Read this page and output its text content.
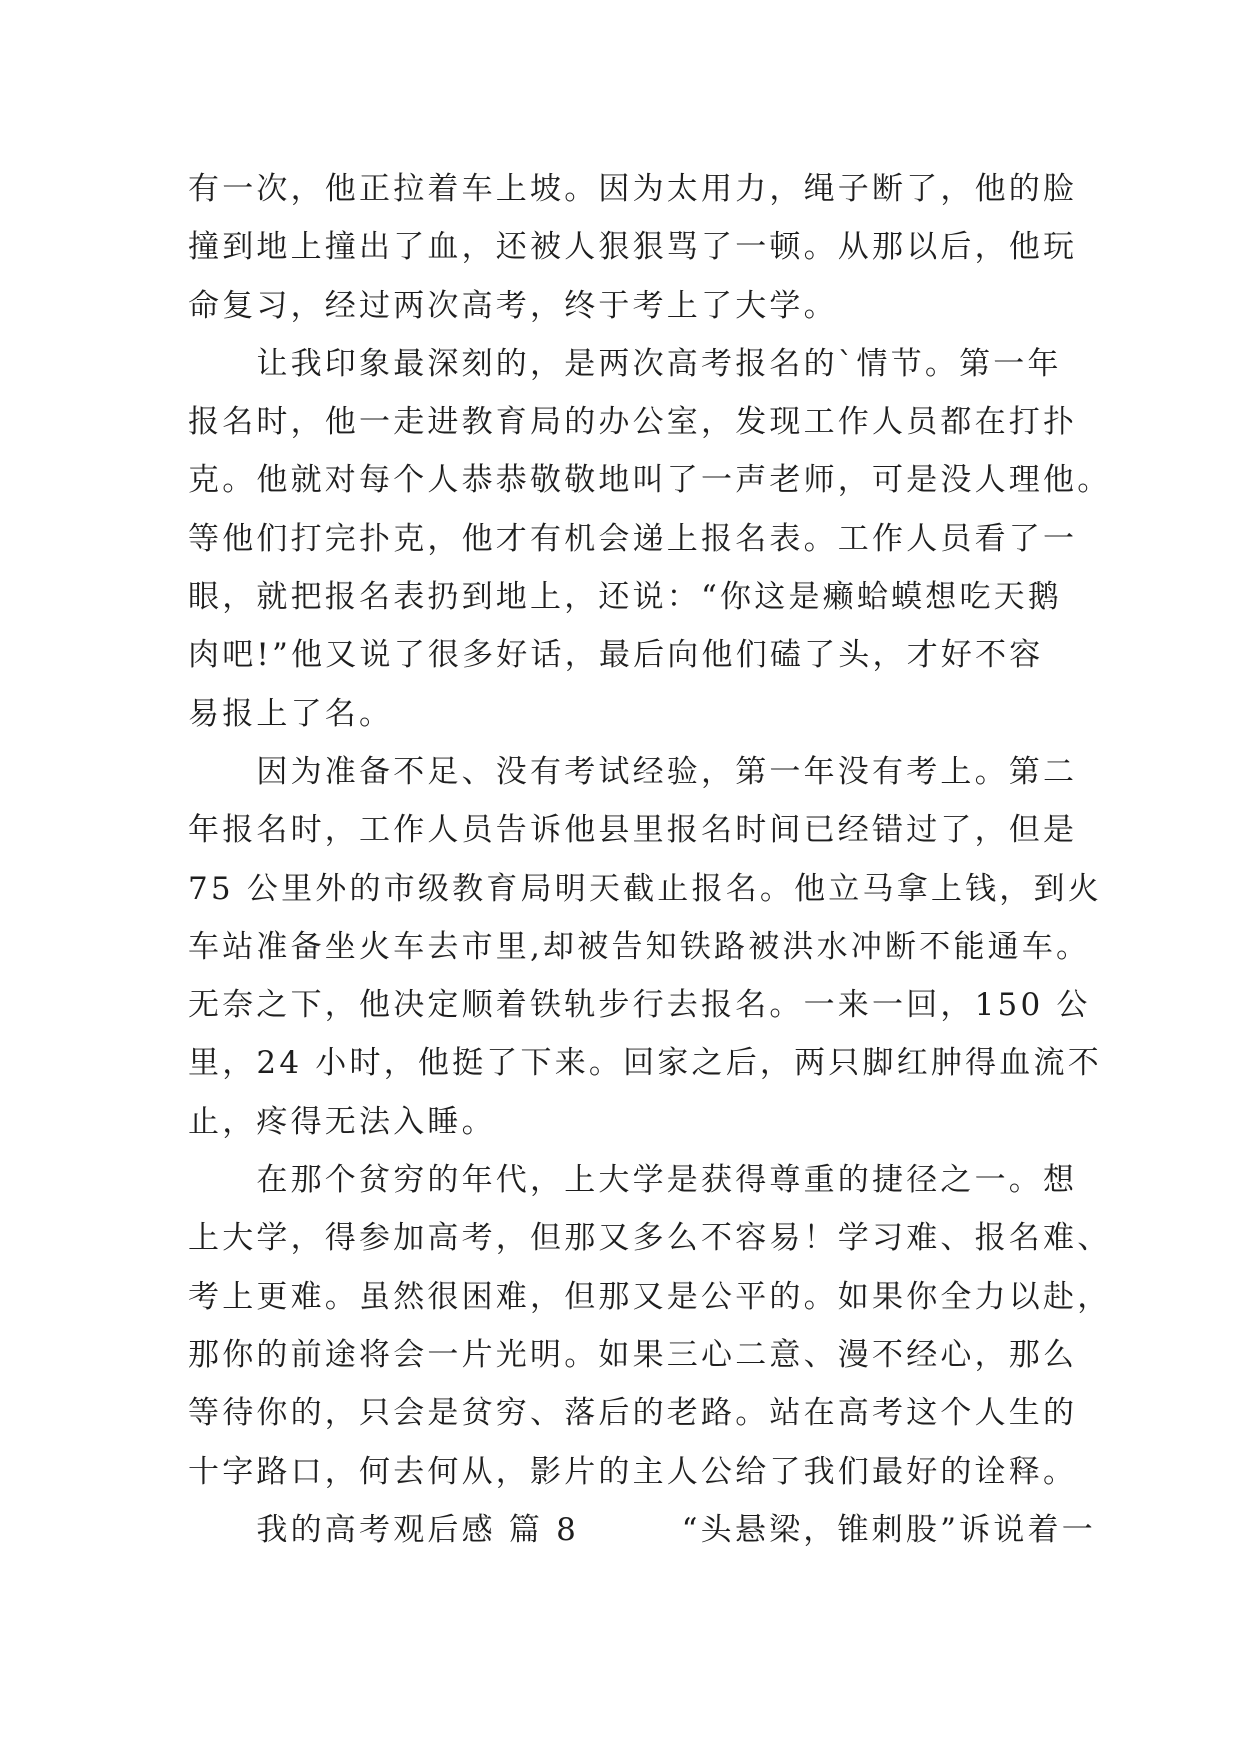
有一次，他正拉着车上坡。因为太用力，绳子断了，他的脸
撞到地上撞出了血，还被人狠狠骂了一顿。从那以后，他玩
命复习，经过两次高考，终于考上了大学。
　　让我印象最深刻的，是两次高考报名的`情节。第一年
报名时，他一走进教育局的办公室，发现工作人员都在打扑
克。他就对每个人恭恭敬敬地叫了一声老师，可是没人理他。
等他们打完扑克，他才有机会递上报名表。工作人员看了一
眼，就把报名表扔到地上，还说：“你这是癞蛤蟆想吃天鹅
肉吧!”他又说了很多好话，最后向他们磕了头，才好不容
易报上了名。
　　因为准备不足、没有考试经验，第一年没有考上。第二
年报名时，工作人员告诉他县里报名时间已经错过了，但是
75 公里外的市级教育局明天截止报名。他立马拿上钱，到火
车站准备坐火车去市里,却被告知铁路被洪水冲断不能通车。
无奈之下，他决定顺着铁轨步行去报名。一来一回，150 公
里，24 小时，他挺了下来。回家之后，两只脚红肿得血流不
止，疼得无法入睡。
　　在那个贫穷的年代，上大学是获得尊重的捷径之一。想
上大学，得参加高考，但那又多么不容易！学习难、报名难、
考上更难。虽然很困难，但那又是公平的。如果你全力以赴，
那你的前途将会一片光明。如果三心二意、漫不经心，那么
等待你的，只会是贫穷、落后的老路。站在高考这个人生的
十字路口，何去何从，影片的主人公给了我们最好的诠释。
　　我的高考观后感 篇 8　　　“头悬梁，锥刺股”诉说着一
